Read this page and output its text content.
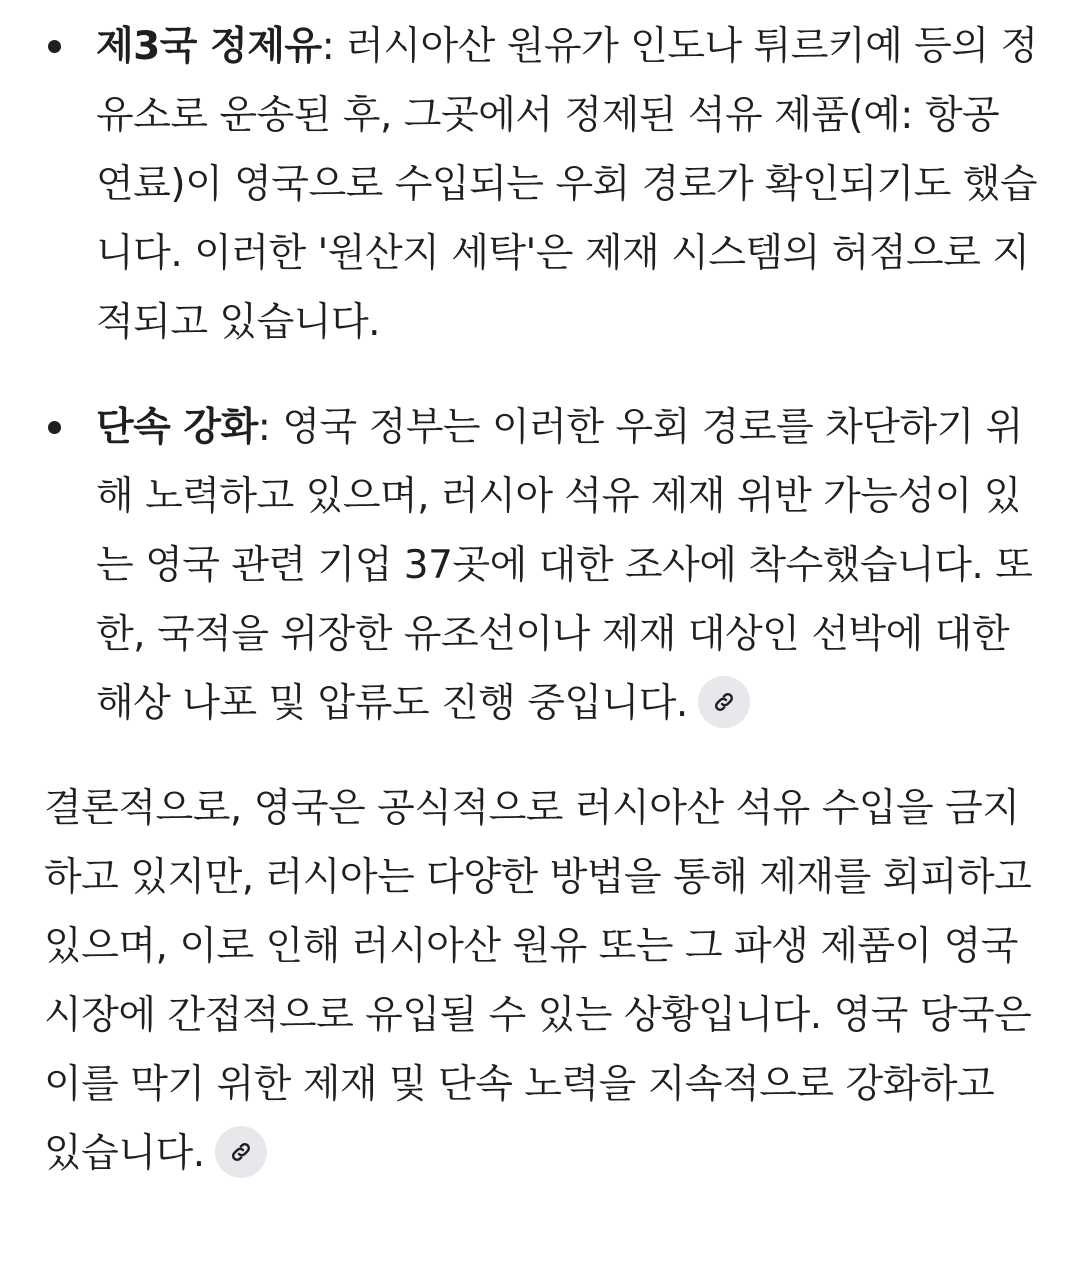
제3국 정제유: 러시아산 원유가 인도나 튀르키예 등의 정유소로 운송된 후, 그곳에서 정제된 석유 제품(예: 항공 연료)이 영국으로 수입되는 우회 경로가 확인되기도 했습니다. 이러한 '원산지 세탁'은 제재 시스템의 허점으로 지적되고 있습니다.
단속 강화: 영국 정부는 이러한 우회 경로를 차단하기 위해 노력하고 있으며, 러시아 석유 제재 위반 가능성이 있는 영국 관련 기업 37곳에 대한 조사에 착수했습니다. 또한, 국적을 위장한 유조선이나 제재 대상인 선박에 대한 해상 나포 및 압류도 진행 중입니다.

결론적으로, 영국은 공식적으로 러시아산 석유 수입을 금지하고 있지만, 러시아는 다양한 방법을 통해 제재를 회피하고 있으며, 이로 인해 러시아산 원유 또는 그 파생 제품이 영국 시장에 간접적으로 유입될 수 있는 상황입니다. 영국 당국은 이를 막기 위한 제재 및 단속 노력을 지속적으로 강화하고 있습니다.
